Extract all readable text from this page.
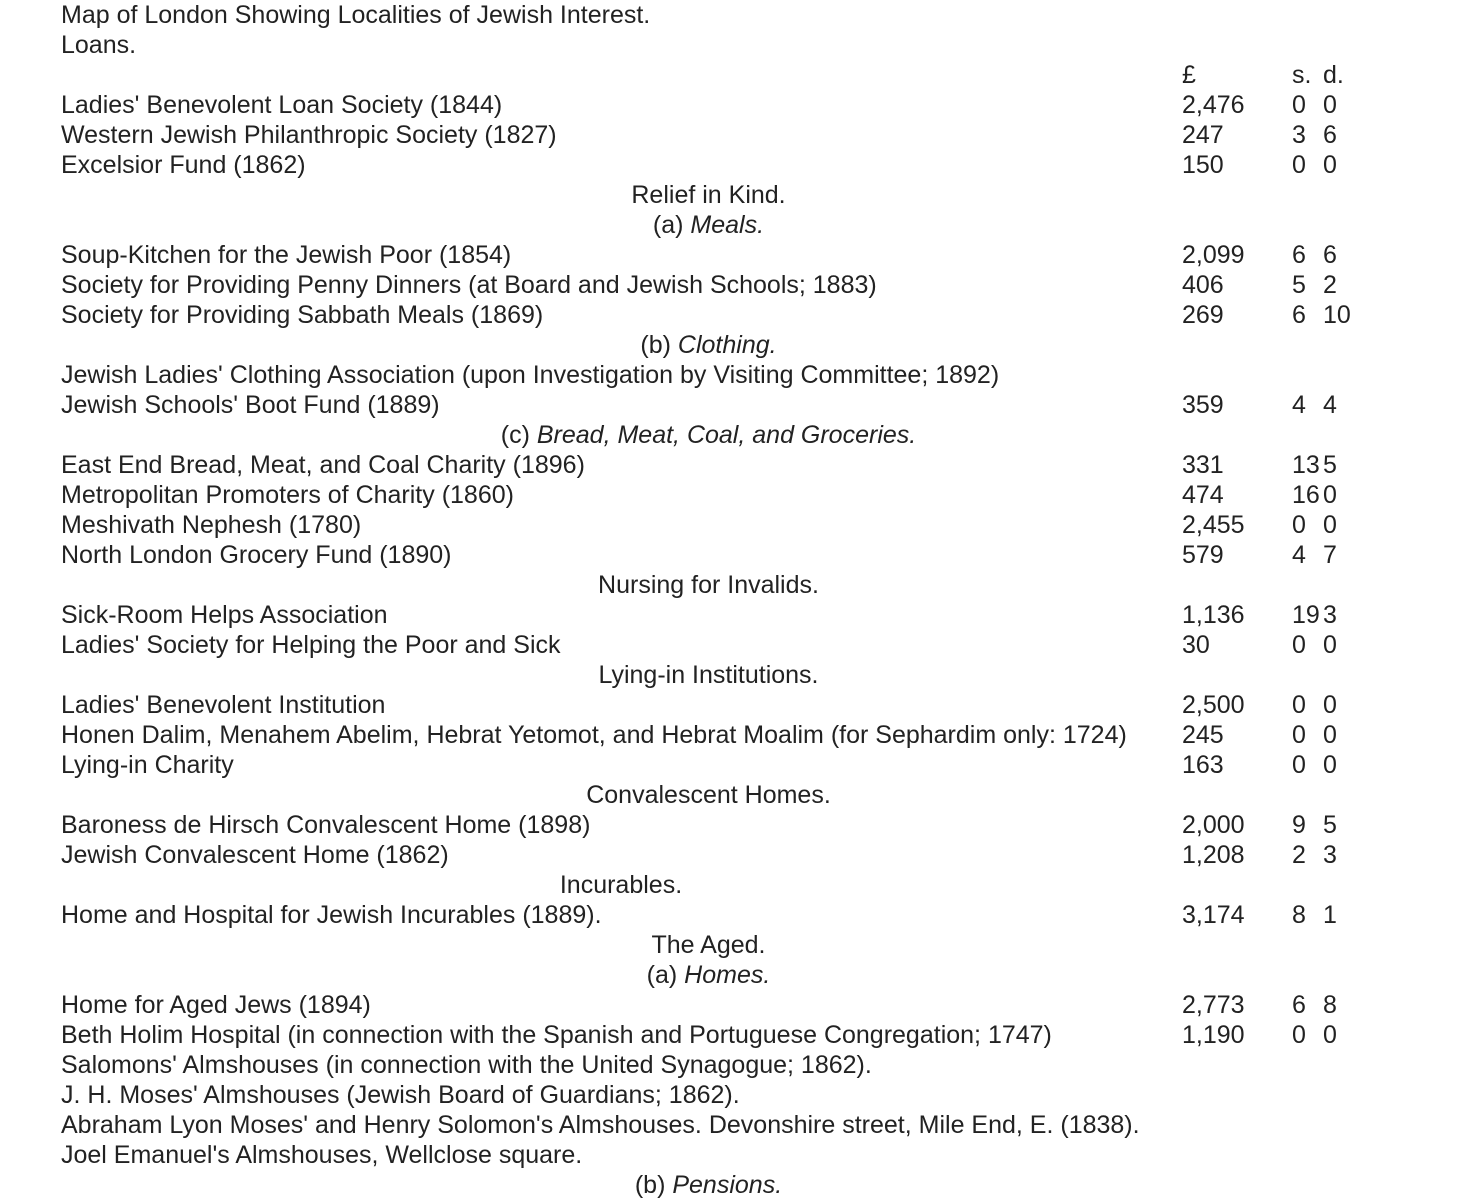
Map of London Showing Localities of Jewish Interest.
Loans.
£	s. d.
Ladies' Benevolent Loan Society (1844)	2,476 0 0
Western Jewish Philanthropic Society (1827)	247	3 6
Excelsior Fund (1862)	150	0 0
Relief in Kind.
(a) Meals.
Soup-Kitchen for the Jewish Poor (1854)	2,099 6 6
Society for Providing Penny Dinners (at Board and Jewish Schools; 1883)	406	5 2
Society for Providing Sabbath Meals (1869)	269	6 10
(b) Clothing.
Jewish Ladies' Clothing Association (upon Investigation by Visiting Committee; 1892)
Jewish Schools' Boot Fund (1889)	359	4 4
(c) Bread, Meat, Coal, and Groceries.
East End Bread, Meat, and Coal Charity (1896)	331	13 5
Metropolitan Promoters of Charity (1860)	474	16 0
Meshivath Nephesh (1780)	2,455 0 0
North London Grocery Fund (1890)	579	4 7
Nursing for Invalids.
Sick-Room Helps Association	1,136 19 3
Ladies' Society for Helping the Poor and Sick	30	0 0
Lying-in Institutions.
Ladies' Benevolent Institution	2,500 0 0
Honen Dalim, Menahem Abelim, Hebrat Yetomot, and Hebrat Moalim (for Sephardim only: 1724) 245	0 0
Lying-in Charity	163	0 0
Convalescent Homes.
Baroness de Hirsch Convalescent Home (1898)	2,000 9 5
Jewish Convalescent Home (1862)	1,208 2 3
Incurables.
Home and Hospital for Jewish Incurables (1889).	3,174 8 1
The Aged.
(a) Homes.
Home for Aged Jews (1894)	2,773 6 8
Beth Holim Hospital (in connection with the Spanish and Portuguese Congregation; 1747)	1,190 0 0
Salomons' Almshouses (in connection with the United Synagogue; 1862).
J. H. Moses' Almshouses (Jewish Board of Guardians; 1862).
Abraham Lyon Moses' and Henry Solomon's Almshouses. Devonshire street, Mile End, E. (1838).
Joel Emanuel's Almshouses, Wellclose square.
(b) Pensions.
